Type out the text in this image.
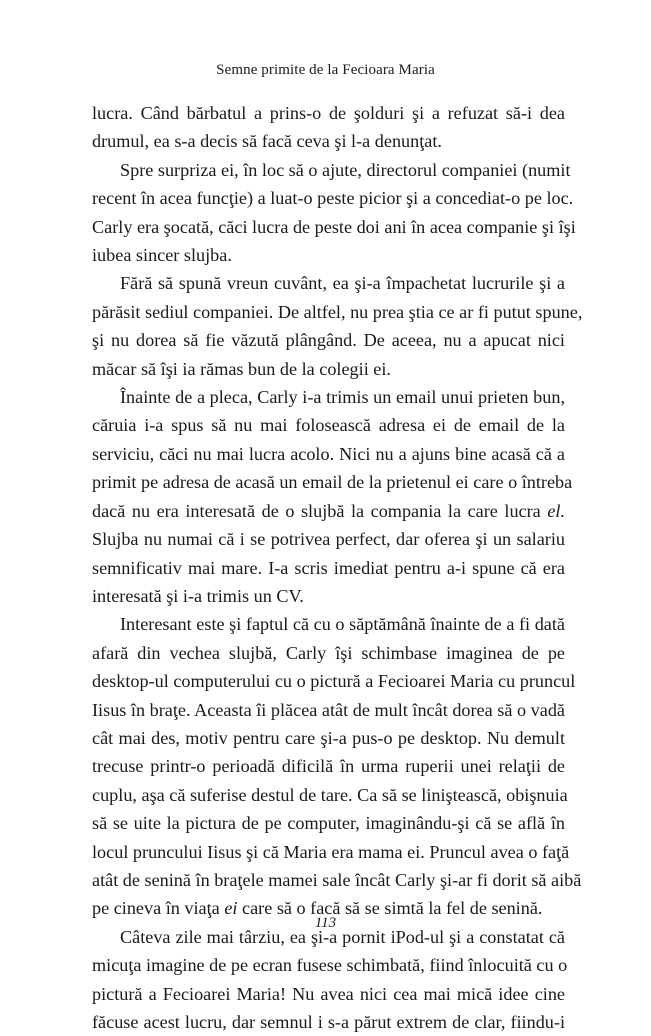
Semne primite de la Fecioara Maria
lucra. Când bărbatul a prins-o de şolduri şi a refuzat să-i dea
drumul, ea s-a decis să facă ceva şi l-a denunţat.
Spre surpriza ei, în loc să o ajute, directorul companiei (numit
recent în acea funcţie) a luat-o peste picior şi a concediat-o pe loc.
Carly era şocată, căci lucra de peste doi ani în acea companie şi îşi
iubea sincer slujba.
Fără să spună vreun cuvânt, ea şi-a împachetat lucrurile şi a
părăsit sediul companiei. De altfel, nu prea ştia ce ar fi putut spune,
şi nu dorea să fie văzută plângând. De aceea, nu a apucat nici
măcar să îşi ia rămas bun de la colegii ei.
Înainte de a pleca, Carly i-a trimis un email unui prieten bun,
căruia i-a spus să nu mai folosească adresa ei de email de la
serviciu, căci nu mai lucra acolo. Nici nu a ajuns bine acasă că a
primit pe adresa de acasă un email de la prietenul ei care o întreba
dacă nu era interesată de o slujbă la compania la care lucra el.
Slujba nu numai că i se potrivea perfect, dar oferea şi un salariu
semnificativ mai mare. I-a scris imediat pentru a-i spune că era
interesată şi i-a trimis un CV.
Interesant este şi faptul că cu o săptămână înainte de a fi dată
afară din vechea slujbă, Carly îşi schimbase imaginea de pe
desktop-ul computerului cu o pictură a Fecioarei Maria cu pruncul
Iisus în braţe. Aceasta îi plăcea atât de mult încât dorea să o vadă
cât mai des, motiv pentru care şi-a pus-o pe desktop. Nu demult
trecuse printr-o perioadă dificilă în urma ruperii unei relaţii de
cuplu, aşa că suferise destul de tare. Ca să se liniştească, obişnuia
să se uite la pictura de pe computer, imaginându-şi că se află în
locul pruncului Iisus şi că Maria era mama ei. Pruncul avea o faţă
atât de senină în braţele mamei sale încât Carly şi-ar fi dorit să aibă
pe cineva în viaţa ei care să o facă să se simtă la fel de senină.
Câteva zile mai târziu, ea şi-a pornit iPod-ul şi a constatat că
micuţa imagine de pe ecran fusese schimbată, fiind înlocuită cu o
pictură a Fecioarei Maria! Nu avea nici cea mai mică idee cine
făcuse acest lucru, dar semnul i s-a părut extrem de clar, fiindu-i
113
